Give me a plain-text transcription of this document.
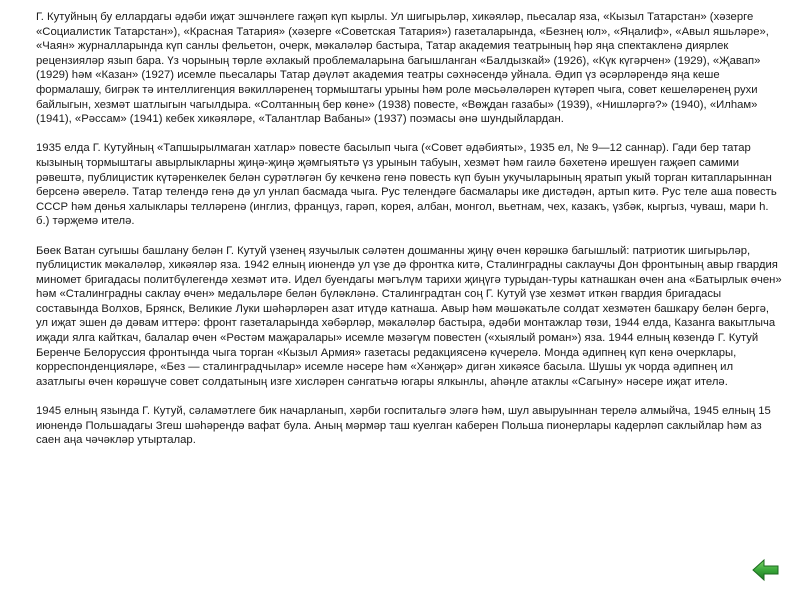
Г. Кутуйның бу еллардагы әдәби иҗат эшчәнлеге гаҗәп күп кырлы. Ул шигырьләр, хикәяләр, пьесалар яза, «Кызыл Татарстан» (хәзерге «Социалистик Татарстан»), «Красная Татария» (хәзерге «Советская Татария») газеталарында, «Безнең юл», «Яңалиф», «Авыл яшьләре», «Чаян» журналларында күп санлы фельетон, очерк, мәкаләләр бастыра, Татар академия театрының һәр яңа спектакленә диярлек рецензияләр язып бара. Үз чорының төрле әхлакый проблемаларына багышланган «Балдызкай» (1926), «Күк күгәрчен» (1929), «Җавап» (1929) һәм «Казан» (1927) исемле пьесалары Татар дәүләт академия театры сәхнәсендә уйнала. Әдип үз әсәрләрендә яңа кеше формалашу, бигрәк тә интеллигенция вәкилләренең тормыштагы урыны һәм роле мәсьәләләрен күтәреп чыга, совет кешеләренең рухи байлыгын, хезмәт шатлыгын чагылдыра. «Солтанның бер көне» (1938) повесте, «Вөҗдан газабы» (1939), «Нишләргә?» (1940), «Илһам» (1941), «Рәссам» (1941) кебек хикәяләре, «Талантлар Вабаны» (1937) поэмасы әнә шундыйлардан.

1935 елда Г. Кутуйның «Тапшырылмаган хатлар» повесте басылып чыга («Совет әдәбияты», 1935 ел, № 9—12 саннар). Гади бер татар кызының тормыштагы авырлыкларны җиңә-җиңә җәмгыятьтә үз урынын табуын, хезмәт һәм гаилә бәхетенә ирешүен гаҗәеп самими рәвештә, публицистик күтәренкелек белән сурәтләгән бу кечкенә генә повесть күп буын укучыларының яратып укый торган китапларыннан берсенә әверелә. Татар телендә генә дә ул унлап басмада чыга. Рус телендәге басмалары ике дистәдән, артып китә. Рус теле аша повесть СССР һәм дөнья халыклары телләренә (инглиз, француз, гарәп, корея, албан, монгол, вьетнам, чех, казакъ, үзбәк, кыргыз, чуваш, мари h. б.) тәрҗемә ителә.

Бөек Ватан сугышы башлану белән Г. Кутуй үзенең язучылык сәләтен дошманны җиңү өчен көрәшкә багышлый: патриотик шигырьләр, публицистик мәкаләләр, хикәяләр яза. 1942 елның июнендә ул үзе дә фронтка китә, Сталинградны саклаучы Дон фронтының авыр гвардия миномет бригадасы политбүлегендә хезмәт итә. Идел буендагы мәгълүм тарихи җиңүгә турыдан-туры катнашкан өчен ана «Батырлык өчен» һәм «Сталинградны саклау өчен» медальләре белән бүләкләнә. Сталинградтан соң Г. Кутуй үзе хезмәт иткән гвардия бригадасы составында Волхов, Брянск, Великие Луки шәһәрләрен азат итүдә катнаша. Авыр һәм мәшәкатьле солдат хезмәтен башкару белән бергә, ул иҗат эшен дә дәвам иттерә: фронт газеталарында хәбәрләр, мәкаләләр бастыра, әдәби монтажлар төзи, 1944 елда, Казанга вакытлыча иҗади ялга кайткач, балалар өчен «Рөстәм маҗаралары» исемле мәзәгүм повестен («хыялый роман») яза. 1944 елның көзендә Г. Кутуй Беренче Белоруссия фронтында чыга торган «Кызыл Армия» газетасы редакциясенә күчерелә. Монда әдипнең күп кенә очерклары, корреспонденцияләре, «Без — сталинградчылар» исемле нәсере һәм «Хәнҗәр» дигән хикәясе басыла. Шушы ук чорда әдипнең ил азатлыгы өчен көрәшүче совет солдатының изге хисләрен сәнгатьчә югары ялкынлы, аһәңле атаклы «Сагыну» нәсере иҗат ителә.

1945 елның язында Г. Кутуй, сәламәтлеге бик начарланып, хәрби госпитальгә эләгә һәм, шул авыруыннан терелә алмыйча, 1945 елның 15 июнендә Польшадагы Згеш шәһәрендә вафат була. Аның мәрмәр таш куелган каберен Польша пионерлары кадерләп саклыйлар һәм аз саен аңа чәчәкләр утырталар.
